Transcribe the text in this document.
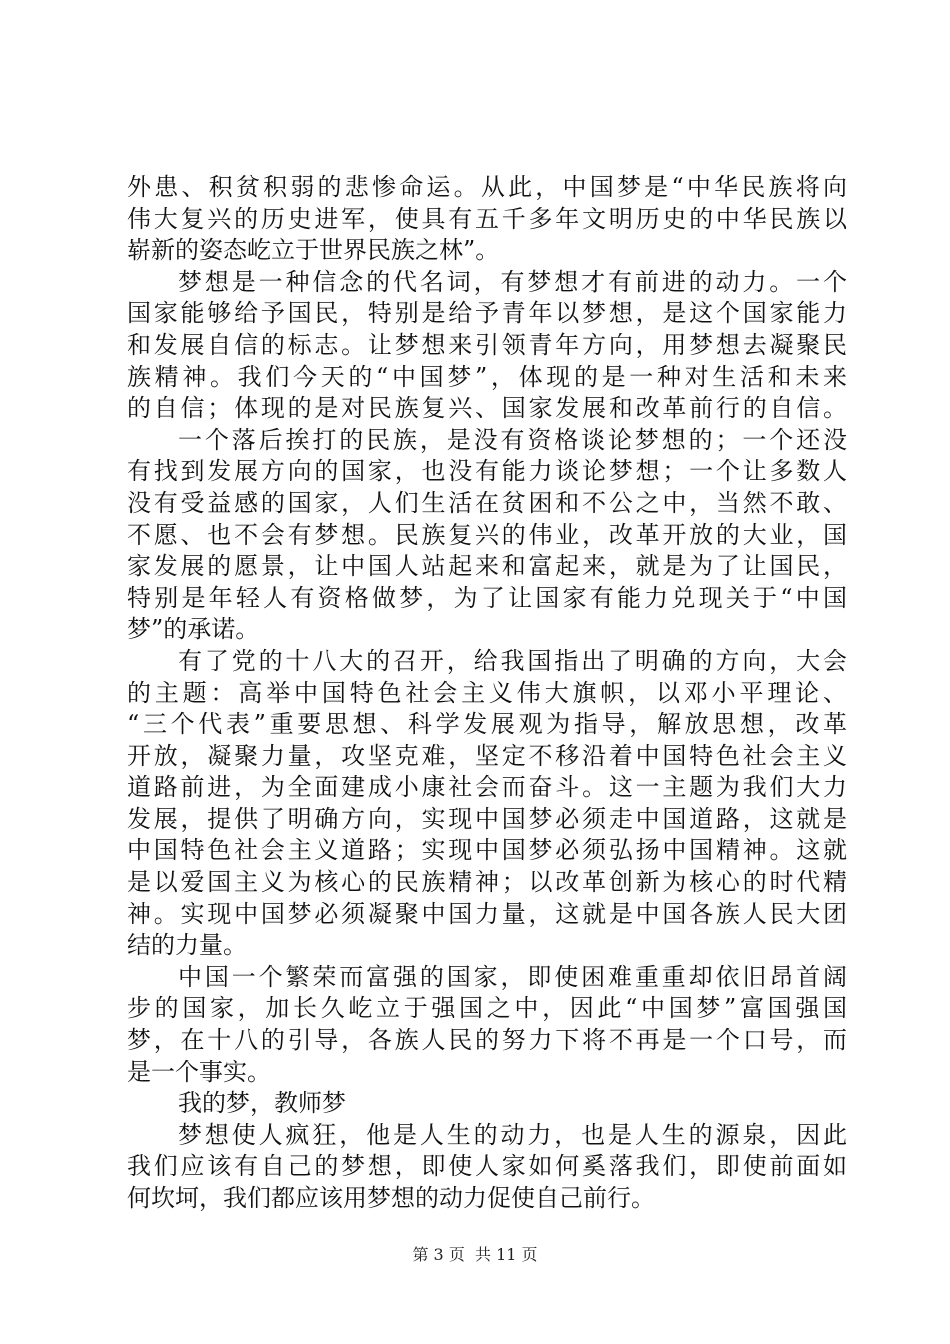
外患、积贫积弱的悲惨命运。从此，中国梦是“中华民族将向
伟大复兴的历史进军，使具有五千多年文明历史的中华民族以
崭新的姿态屹立于世界民族之林”。
梦想是一种信念的代名词，有梦想才有前进的动力。一个
国家能够给予国民，特别是给予青年以梦想，是这个国家能力
和发展自信的标志。让梦想来引领青年方向，用梦想去凝聚民
族精神。我们今天的“中国梦”，体现的是一种对生活和未来
的自信；体现的是对民族复兴、国家发展和改革前行的自信。
一个落后挨打的民族，是没有资格谈论梦想的；一个还没
有找到发展方向的国家，也没有能力谈论梦想；一个让多数人
没有受益感的国家，人们生活在贫困和不公之中，当然不敢、
不愿、也不会有梦想。民族复兴的伟业，改革开放的大业，国
家发展的愿景，让中国人站起来和富起来，就是为了让国民，
特别是年轻人有资格做梦，为了让国家有能力兑现关于“中国
梦”的承诺。
有了党的十八大的召开，给我国指出了明确的方向，大会
的主题：高举中国特色社会主义伟大旗帜，以邓小平理论、
“三个代表”重要思想、科学发展观为指导，解放思想，改革
开放，凝聚力量，攻坚克难，坚定不移沿着中国特色社会主义
道路前进，为全面建成小康社会而奋斗。这一主题为我们大力
发展，提供了明确方向，实现中国梦必须走中国道路，这就是
中国特色社会主义道路；实现中国梦必须弘扬中国精神。这就
是以爱国主义为核心的民族精神；以改革创新为核心的时代精
神。实现中国梦必须凝聚中国力量，这就是中国各族人民大团
结的力量。
中国一个繁荣而富强的国家，即使困难重重却依旧昂首阔
步的国家，加长久屹立于强国之中，因此“中国梦”富国强国
梦，在十八的引导，各族人民的努力下将不再是一个口号，而
是一个事实。
我的梦，教师梦
梦想使人疯狂，他是人生的动力，也是人生的源泉，因此
我们应该有自己的梦想，即使人家如何奚落我们，即使前面如
何坎坷，我们都应该用梦想的动力促使自己前行。
第 3 页  共 11 页
